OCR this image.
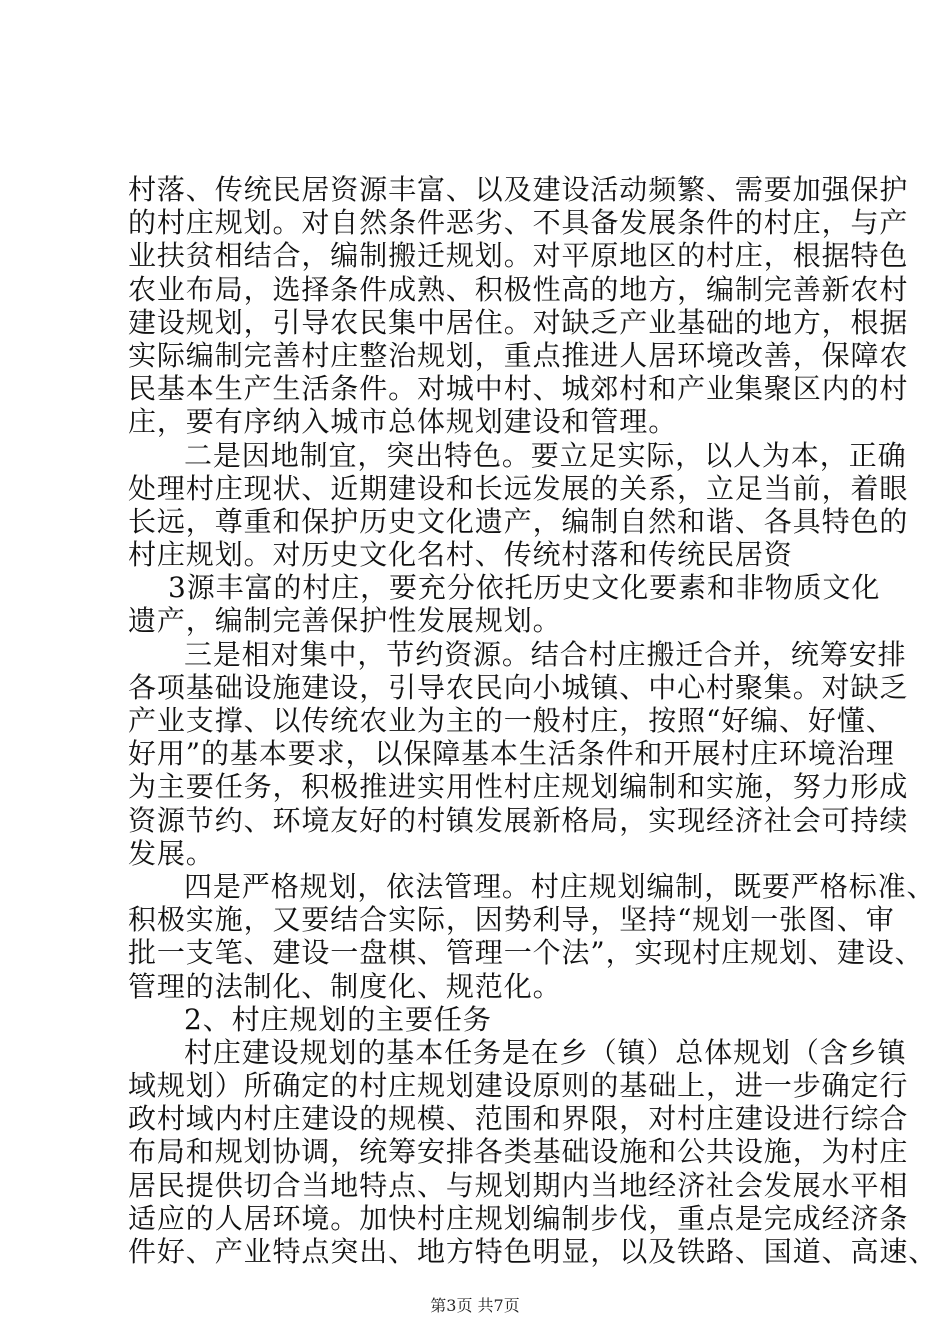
村落、传统民居资源丰富、以及建设活动频繁、需要加强保护
的村庄规划。对自然条件恶劣、不具备发展条件的村庄，与产
业扶贫相结合，编制搬迁规划。对平原地区的村庄，根据特色
农业布局，选择条件成熟、积极性高的地方，编制完善新农村
建设规划，引导农民集中居住。对缺乏产业基础的地方，根据
实际编制完善村庄整治规划，重点推进人居环境改善，保障农
民基本生产生活条件。对城中村、城郊村和产业集聚区内的村
庄，要有序纳入城市总体规划建设和管理。
二是因地制宜，突出特色。要立足实际，以人为本，正确
处理村庄现状、近期建设和长远发展的关系，立足当前，着眼
长远，尊重和保护历史文化遗产，编制自然和谐、各具特色的
村庄规划。对历史文化名村、传统村落和传统民居资
3源丰富的村庄，要充分依托历史文化要素和非物质文化
遗产，编制完善保护性发展规划。
三是相对集中，节约资源。结合村庄搬迁合并，统筹安排
各项基础设施建设，引导农民向小城镇、中心村聚集。对缺乏
产业支撑、以传统农业为主的一般村庄，按照“好编、好懂、
好用”的基本要求，以保障基本生活条件和开展村庄环境治理
为主要任务，积极推进实用性村庄规划编制和实施，努力形成
资源节约、环境友好的村镇发展新格局，实现经济社会可持续
发展。
四是严格规划，依法管理。村庄规划编制，既要严格标准、
积极实施，又要结合实际，因势利导，坚持“规划一张图、审
批一支笔、建设一盘棋、管理一个法”，实现村庄规划、建设、
管理的法制化、制度化、规范化。
2、村庄规划的主要任务
村庄建设规划的基本任务是在乡（镇）总体规划（含乡镇
域规划）所确定的村庄规划建设原则的基础上，进一步确定行
政村域内村庄建设的规模、范围和界限，对村庄建设进行综合
布局和规划协调，统筹安排各类基础设施和公共设施，为村庄
居民提供切合当地特点、与规划期内当地经济社会发展水平相
适应的人居环境。加快村庄规划编制步伐，重点是完成经济条
件好、产业特点突出、地方特色明显，以及铁路、国道、高速、
第3页 共7页
